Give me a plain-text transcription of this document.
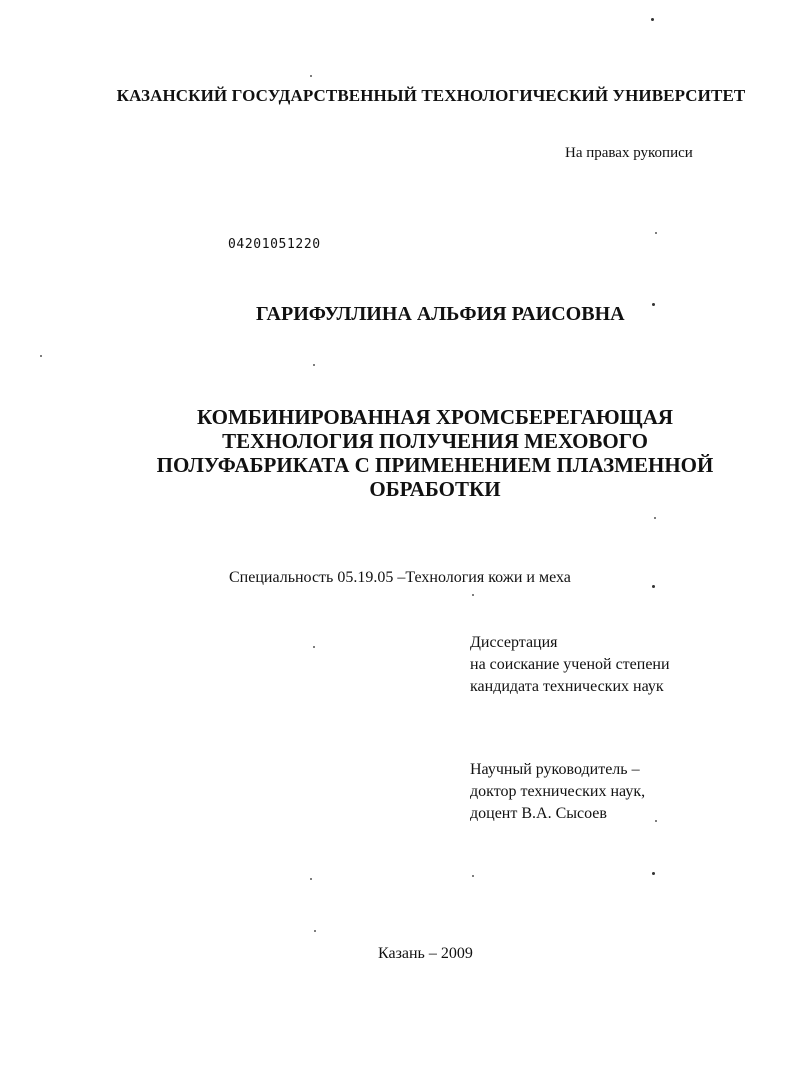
КАЗАНСКИЙ ГОСУДАРСТВЕННЫЙ ТЕХНОЛОГИЧЕСКИЙ УНИВЕРСИТЕТ
На правах рукописи
04201051220
ГАРИФУЛЛИНА АЛЬФИЯ РАИСОВНА
КОМБИНИРОВАННАЯ ХРОМСБЕРЕГАЮЩАЯ
ТЕХНОЛОГИЯ ПОЛУЧЕНИЯ МЕХОВОГО
ПОЛУФАБРИКАТА С ПРИМЕНЕНИЕМ ПЛАЗМЕННОЙ
ОБРАБОТКИ
Специальность 05.19.05 –Технология кожи и меха
Диссертация
на соискание ученой степени
кандидата технических наук
Научный руководитель –
доктор технических наук,
доцент В.А. Сысоев
Казань – 2009
